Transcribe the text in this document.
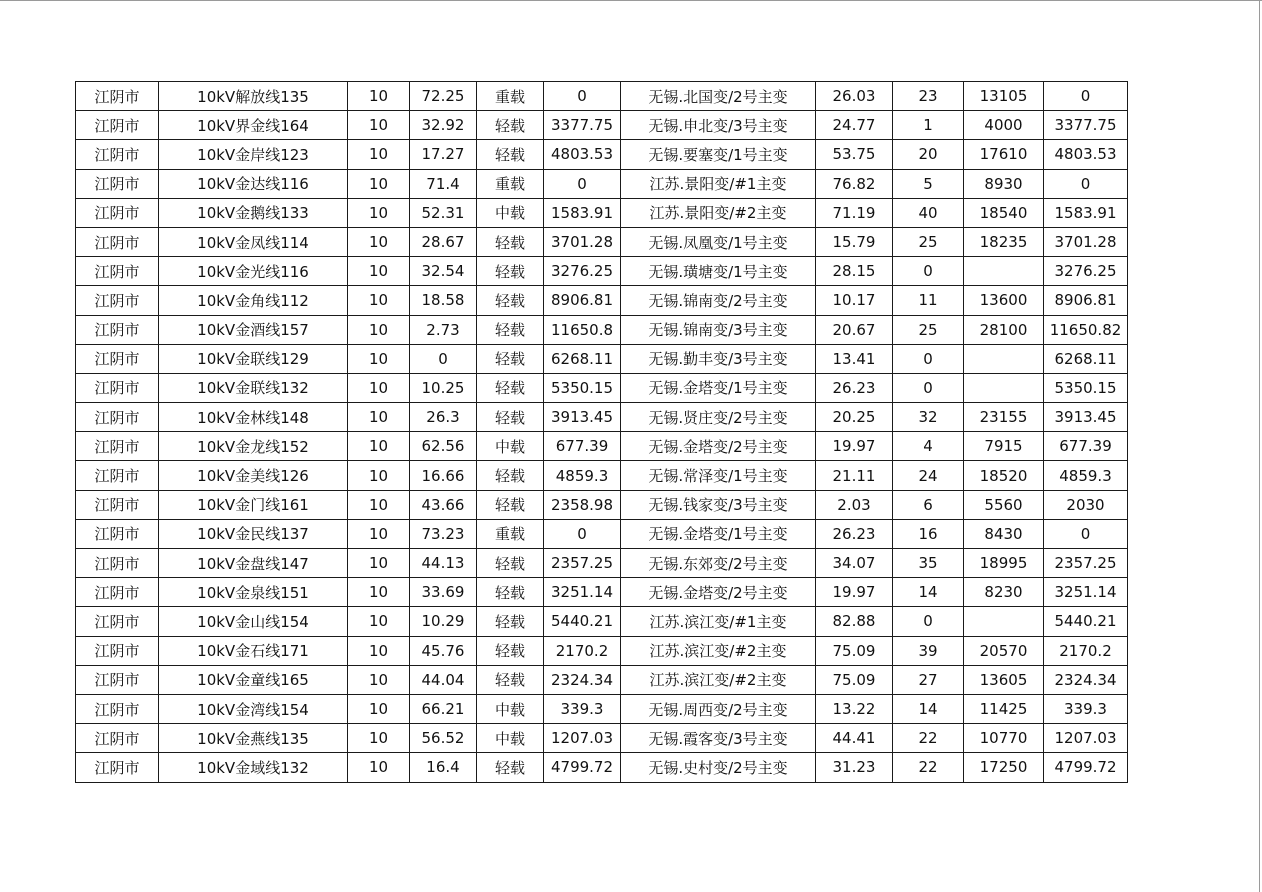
江阴市	10kV解放线135	10	72.25	重载	0	无锡.北国变/2号主变	26.03	23	13105	0
江阴市	10kV界金线164	10	32.92	轻载	3377.75	无锡.申北变/3号主变	24.77	1	4000	3377.75
江阴市	10kV金岸线123	10	17.27	轻载	4803.53	无锡.要塞变/1号主变	53.75	20	17610	4803.53
江阴市	10kV金达线116	10	71.4	重载	0	江苏.景阳变/#1主变	76.82	5	8930	0
江阴市	10kV金鹅线133	10	52.31	中载	1583.91	江苏.景阳变/#2主变	71.19	40	18540	1583.91
江阴市	10kV金凤线114	10	28.67	轻载	3701.28	无锡.凤凰变/1号主变	15.79	25	18235	3701.28
江阴市	10kV金光线116	10	32.54	轻载	3276.25	无锡.璜塘变/1号主变	28.15	0		3276.25
江阴市	10kV金角线112	10	18.58	轻载	8906.81	无锡.锦南变/2号主变	10.17	11	13600	8906.81
江阴市	10kV金酒线157	10	2.73	轻载	11650.8	无锡.锦南变/3号主变	20.67	25	28100	11650.82
江阴市	10kV金联线129	10	0	轻载	6268.11	无锡.勤丰变/3号主变	13.41	0		6268.11
江阴市	10kV金联线132	10	10.25	轻载	5350.15	无锡.金塔变/1号主变	26.23	0		5350.15
江阴市	10kV金林线148	10	26.3	轻载	3913.45	无锡.贤庄变/2号主变	20.25	32	23155	3913.45
江阴市	10kV金龙线152	10	62.56	中载	677.39	无锡.金塔变/2号主变	19.97	4	7915	677.39
江阴市	10kV金美线126	10	16.66	轻载	4859.3	无锡.常泽变/1号主变	21.11	24	18520	4859.3
江阴市	10kV金门线161	10	43.66	轻载	2358.98	无锡.钱家变/3号主变	2.03	6	5560	2030
江阴市	10kV金民线137	10	73.23	重载	0	无锡.金塔变/1号主变	26.23	16	8430	0
江阴市	10kV金盘线147	10	44.13	轻载	2357.25	无锡.东郊变/2号主变	34.07	35	18995	2357.25
江阴市	10kV金泉线151	10	33.69	轻载	3251.14	无锡.金塔变/2号主变	19.97	14	8230	3251.14
江阴市	10kV金山线154	10	10.29	轻载	5440.21	江苏.滨江变/#1主变	82.88	0		5440.21
江阴市	10kV金石线171	10	45.76	轻载	2170.2	江苏.滨江变/#2主变	75.09	39	20570	2170.2
江阴市	10kV金童线165	10	44.04	轻载	2324.34	江苏.滨江变/#2主变	75.09	27	13605	2324.34
江阴市	10kV金湾线154	10	66.21	中载	339.3	无锡.周西变/2号主变	13.22	14	11425	339.3
江阴市	10kV金燕线135	10	56.52	中载	1207.03	无锡.霞客变/3号主变	44.41	22	10770	1207.03
江阴市	10kV金域线132	10	16.4	轻载	4799.72	无锡.史村变/2号主变	31.23	22	17250	4799.72
